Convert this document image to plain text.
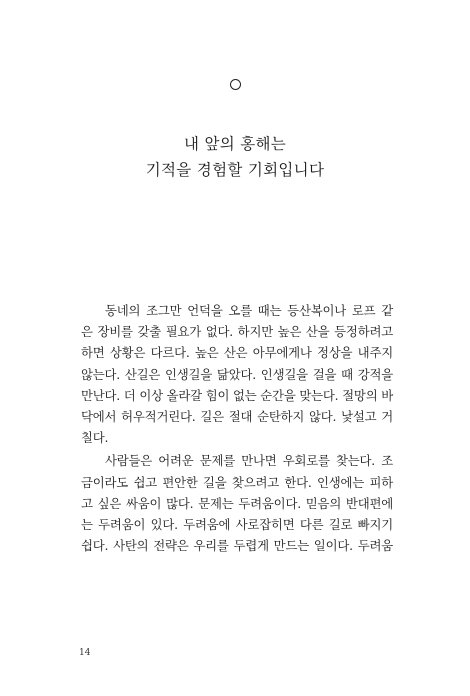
내 앞의 홍해는
기적을 경험할 기회입니다

동네의 조그만 언덕을 오를 때는 등산복이나 로프 같
은 장비를 갖출 필요가 없다. 하지만 높은 산을 등정하려고
하면 상황은 다르다. 높은 산은 아무에게나 정상을 내주지
않는다. 산길은 인생길을 닮았다. 인생길을 걸을 때 강적을
만난다. 더 이상 올라갈 힘이 없는 순간을 맞는다. 절망의 바
닥에서 허우적거린다. 길은 절대 순탄하지 않다. 낯설고 거
칠다.

사람들은 어려운 문제를 만나면 우회로를 찾는다. 조
금이라도 쉽고 편안한 길을 찾으려고 한다. 인생에는 피하
고 싶은 싸움이 많다. 문제는 두려움이다. 믿음의 반대편에
는 두려움이 있다. 두려움에 사로잡히면 다른 길로 빠지기
쉽다. 사탄의 전략은 우리를 두렵게 만드는 일이다. 두려움

14
